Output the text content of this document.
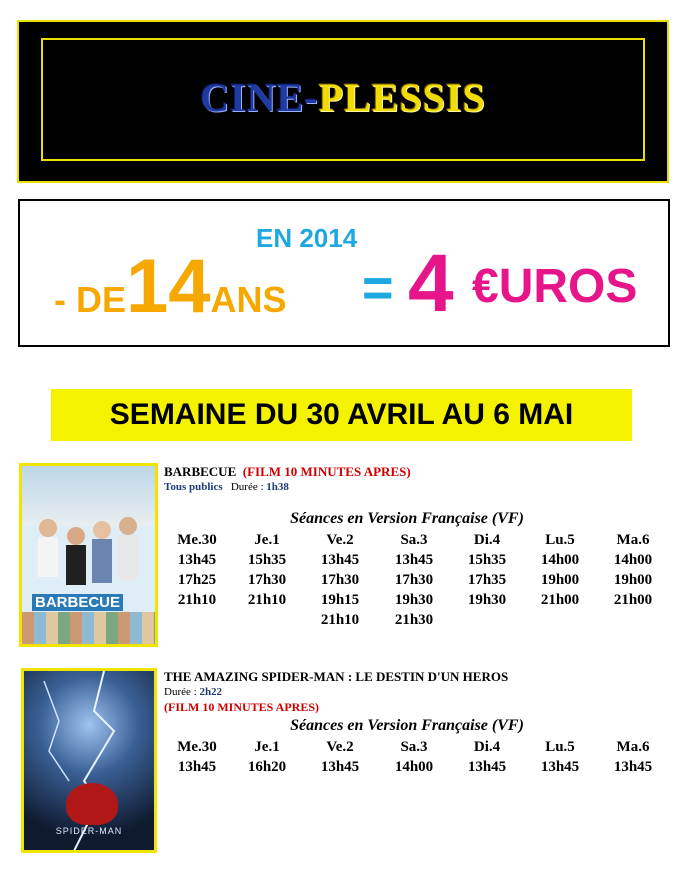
CINE-PLESSIS
EN 2014
- DE14ANS = 4 €UROS
SEMAINE DU 30 AVRIL AU 6 MAI
BARBECUE
BARBECUE (FILM 10 MINUTES APRES)
Tous publics Durée : 1h38
Séances en Version Française (VF)
Me.30
13h45
17h25
21h10
Je.1
15h35
17h30
21h10
Ve.2
13h45
17h30
19h15
21h10
Sa.3
13h45
17h30
19h30
21h30
Di.4
15h35
17h35
19h30
Lu.5
14h00
19h00
21h00
Ma.6
14h00
19h00
21h00
SPIDER-MAN
THE AMAZING SPIDER-MAN : LE DESTIN D'UN HEROS
Durée : 2h22
(FILM 10 MINUTES APRES)
Séances en Version Française (VF)
Me.30
13h45
Je.1
16h20
Ve.2
13h45
Sa.3
14h00
Di.4
13h45
Lu.5
13h45
Ma.6
13h45
